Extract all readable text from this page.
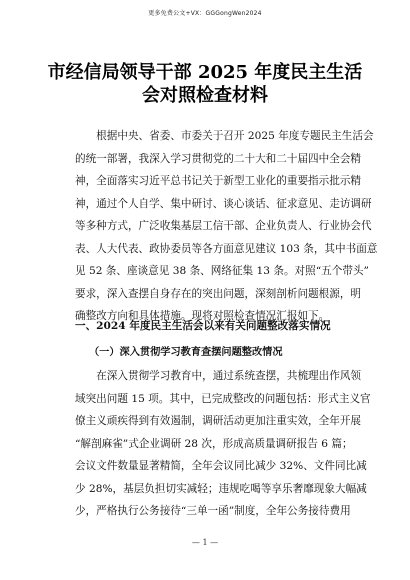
更多免费公文+VX：GGGongWen2024
市经信局领导干部 2025 年度民主生活
会对照检查材料
　　根据中央、省委、市委关于召开 2025 年度专题民主生活会
的统一部署，我深入学习贯彻党的二十大和二十届四中全会精
神，全面落实习近平总书记关于新型工业化的重要指示批示精
神，通过个人自学、集中研讨、谈心谈话、征求意见、走访调研
等多种方式，广泛收集基层工信干部、企业负责人、行业协会代
表、人大代表、政协委员等各方面意见建议 103 条，其中书面意
见 52 条、座谈意见 38 条、网络征集 13 条。对照“五个带头”
要求，深入查摆自身存在的突出问题，深刻剖析问题根源，明
确整改方向和具体措施。现将对照检查情况汇报如下。
一、2024 年度民主生活会以来有关问题整改落实情况
（一）深入贯彻学习教育查摆问题整改情况
　　在深入贯彻学习教育中，通过系统查摆，共梳理出作风领
域突出问题 15 项。其中，已完成整改的问题包括：形式主义官
僚主义顽疾得到有效遏制，调研活动更加注重实效，全年开展
“解剖麻雀”式企业调研 28 次，形成高质量调研报告 6 篇；
会议文件数量显著精简，全年会议同比减少 32%、文件同比减
少 28%，基层负担切实减轻；违规吃喝等享乐奢靡现象大幅减
少，严格执行公务接待“三单一函”制度，全年公务接待费用
— 1 —
